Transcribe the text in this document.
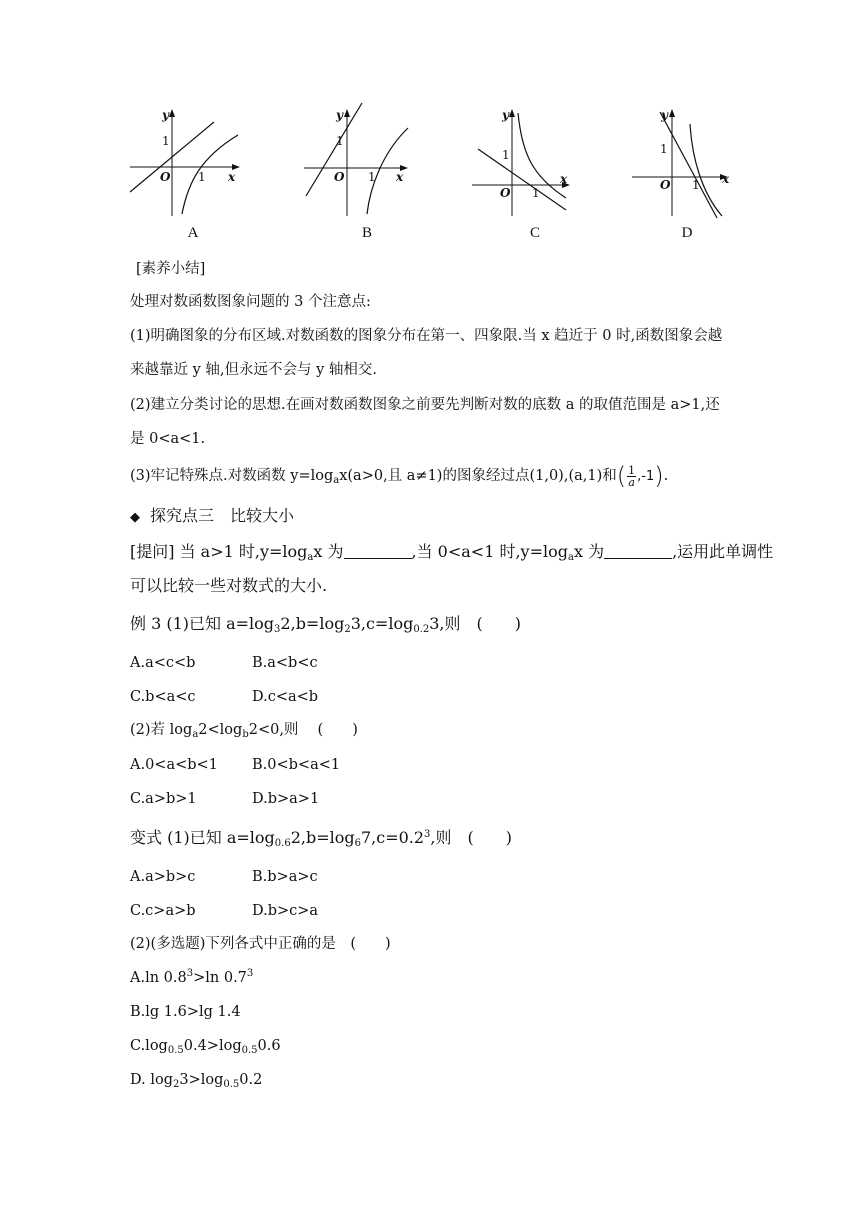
y
x
O
1
1
A
y
x
O
1
1
B
y
x
O
1
1
C
y
x
O
1
1
D
[素养小结]
处理对数函数图象问题的 3 个注意点:
(1)明确图象的分布区域.对数函数的图象分布在第一、四象限.当 x 趋近于 0 时,函数图象会越
来越靠近 y 轴,但永远不会与 y 轴相交.
(2)建立分类讨论的思想.在画对数函数图象之前要先判断对数的底数 a 的取值范围是 a>1,还
是 0<a<1.
(3)牢记特殊点.对数函数 $y=\log_ax(a>0$,且 a≠1)的图象经过点(1,0),(a,1)和( $\frac{1}{a} ,-1$).
◆ 探究点三　比较大小
[提问] 当 a>1 时$,y=\log_ax$ 为	,当 0<a<1 时$,y=\log_ax$ 为	,运用此单调性
可以比较一些对数式的大小.
例 3 (1)已知 $a=\log_32,b=\log_23,c=\log_{0.2}3$,则　(　　)
A.a<c<b	B.a<b<c
C.b<a<c	D.c<a<b
(2)若 $\log_a2<\log_b2<0$,则　 (　　)
A.0<a<b<1 B.0<b<a<1
C.a>b>1	D.b>a>1
变式 (1)已知 $a=\log_{0.6}2,b=\log_67,c=0.2^3$,则　(　　)
A.a>b>c	B.b>a>c
C.c>a>b	D.b>c>a
(2)(多选题)下列各式中正确的是　(　　)
A.ln $0.8^3>\ln$ $0.7^3$
B.lg 1.6>lg 1.4
$C.\log_{0.5}0.4>\log_{0.5}0.6$
D. $\log_23>\log_{0.5}0.2$
